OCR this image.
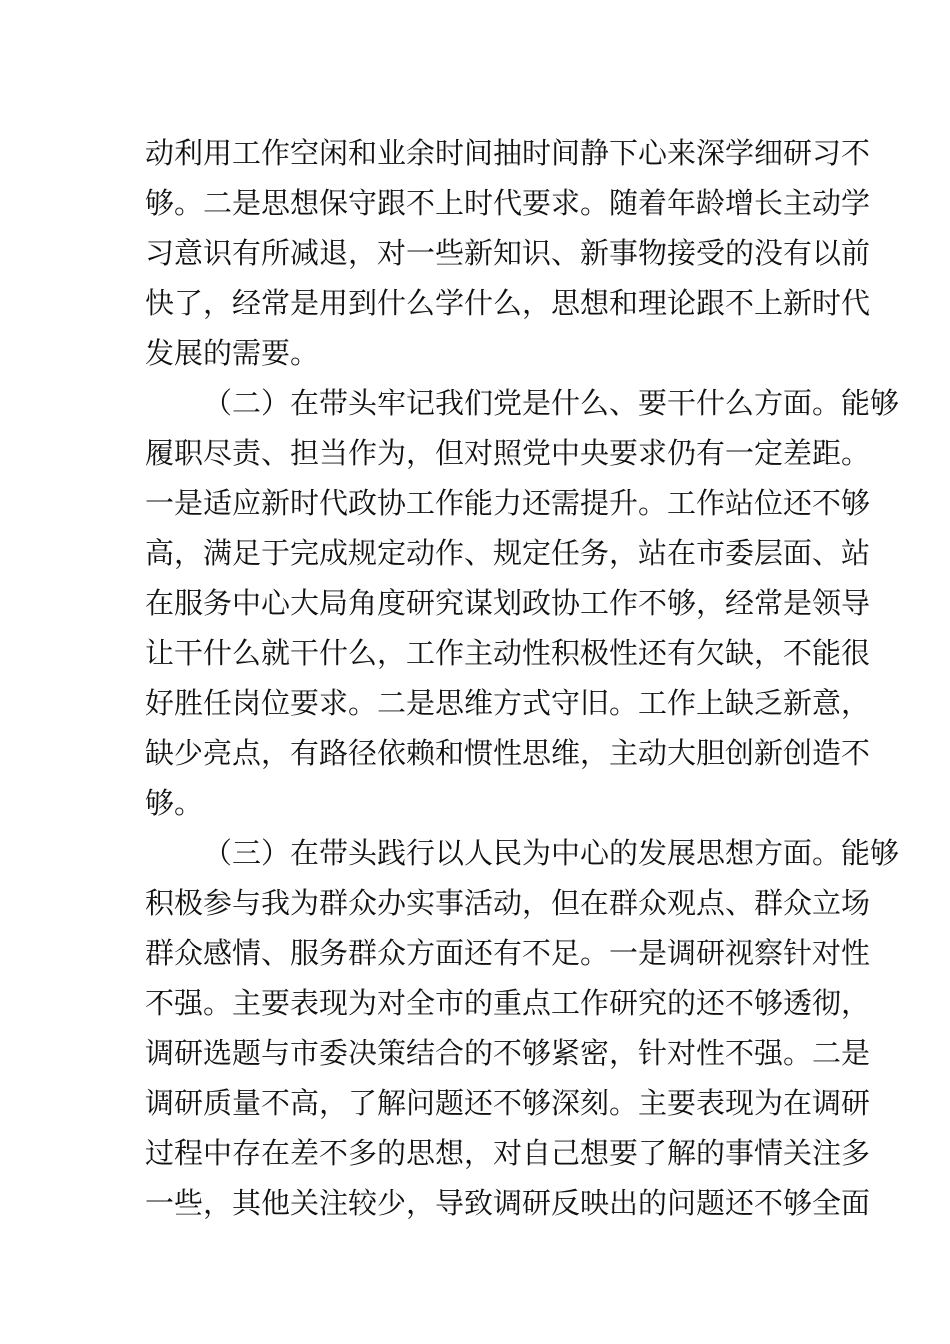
动利用工作空闲和业余时间抽时间静下心来深学细研习不
够。二是思想保守跟不上时代要求。随着年龄增长主动学
习意识有所减退，对一些新知识、新事物接受的没有以前
快了，经常是用到什么学什么，思想和理论跟不上新时代
发展的需要。
（二）在带头牢记我们党是什么、要干什么方面。能够
履职尽责、担当作为，但对照党中央要求仍有一定差距。
一是适应新时代政协工作能力还需提升。工作站位还不够
高，满足于完成规定动作、规定任务，站在市委层面、站
在服务中心大局角度研究谋划政协工作不够，经常是领导
让干什么就干什么，工作主动性积极性还有欠缺，不能很
好胜任岗位要求。二是思维方式守旧。工作上缺乏新意，
缺少亮点，有路径依赖和惯性思维，主动大胆创新创造不
够。
（三）在带头践行以人民为中心的发展思想方面。能够
积极参与我为群众办实事活动，但在群众观点、群众立场
群众感情、服务群众方面还有不足。一是调研视察针对性
不强。主要表现为对全市的重点工作研究的还不够透彻，
调研选题与市委决策结合的不够紧密，针对性不强。二是
调研质量不高，了解问题还不够深刻。主要表现为在调研
过程中存在差不多的思想，对自己想要了解的事情关注多
一些，其他关注较少，导致调研反映出的问题还不够全面
